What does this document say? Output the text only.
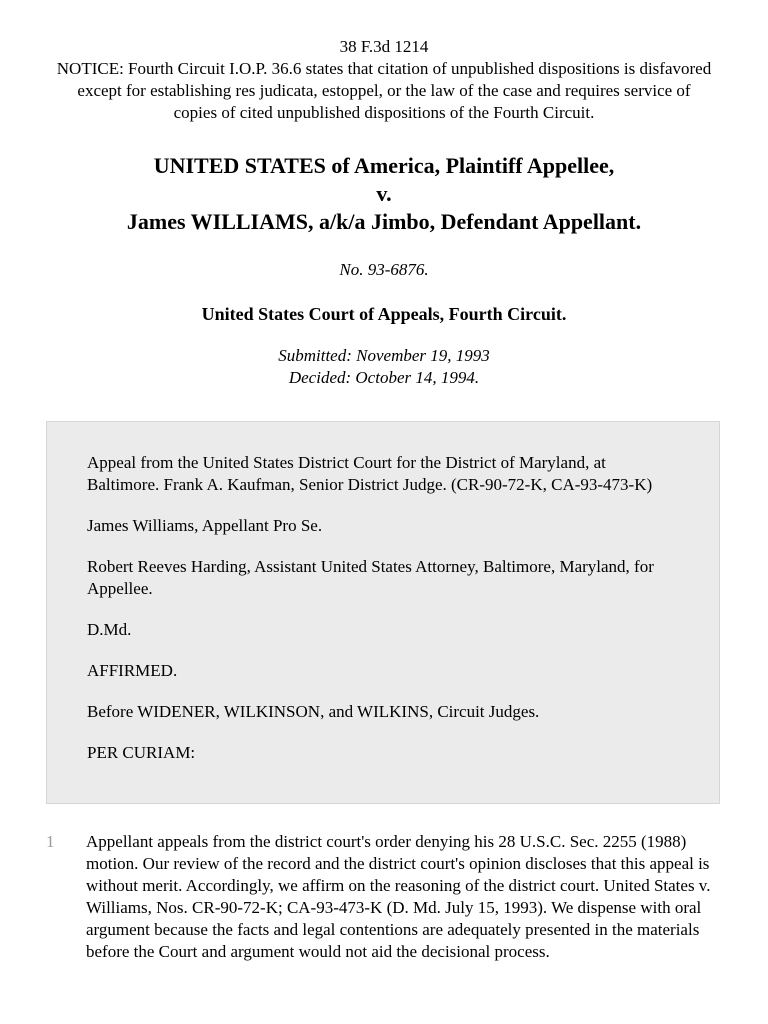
38 F.3d 1214
NOTICE: Fourth Circuit I.O.P. 36.6 states that citation of unpublished dispositions is disfavored except for establishing res judicata, estoppel, or the law of the case and requires service of copies of cited unpublished dispositions of the Fourth Circuit.
UNITED STATES of America, Plaintiff Appellee,
v.
James WILLIAMS, a/k/a Jimbo, Defendant Appellant.
No. 93-6876.
United States Court of Appeals, Fourth Circuit.
Submitted: November 19, 1993
Decided: October 14, 1994.

Appeal from the United States District Court for the District of Maryland, at Baltimore. Frank A. Kaufman, Senior District Judge. (CR-90-72-K, CA-93-473-K)

James Williams, Appellant Pro Se.

Robert Reeves Harding, Assistant United States Attorney, Baltimore, Maryland, for Appellee.

D.Md.

AFFIRMED.

Before WIDENER, WILKINSON, and WILKINS, Circuit Judges.

PER CURIAM:

1 Appellant appeals from the district court's order denying his 28 U.S.C. Sec. 2255 (1988) motion. Our review of the record and the district court's opinion discloses that this appeal is without merit. Accordingly, we affirm on the reasoning of the district court. United States v. Williams, Nos. CR-90-72-K; CA-93-473-K (D. Md. July 15, 1993). We dispense with oral argument because the facts and legal contentions are adequately presented in the materials before the Court and argument would not aid the decisional process.
